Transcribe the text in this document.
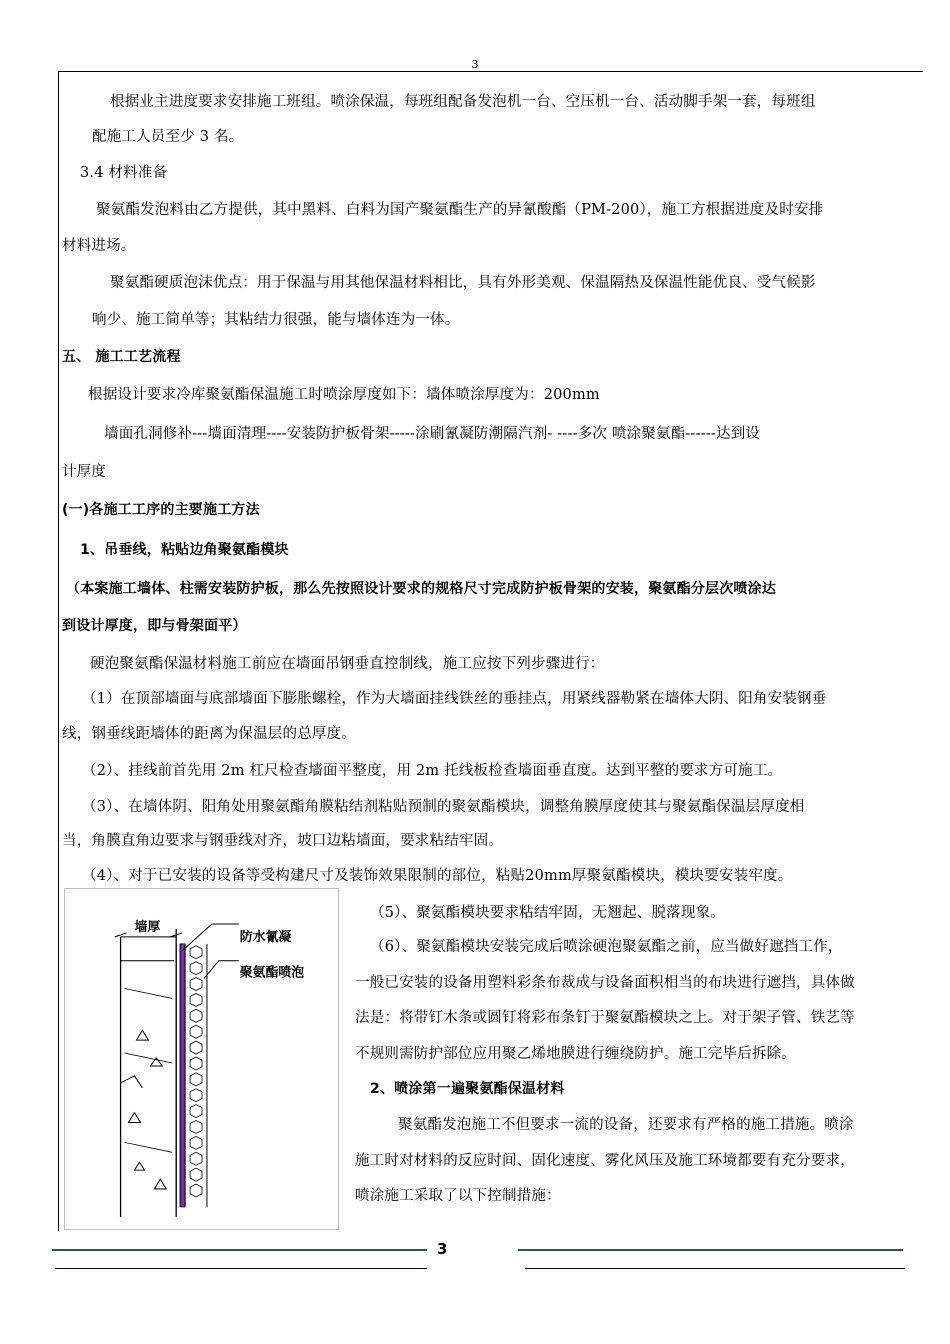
3
根据业主进度要求安排施工班组。喷涂保温，每班组配备发泡机一台、空压机一台、活动脚手架一套，每班组
配施工人员至少 3 名。
3.4 材料准备
聚氨酯发泡料由乙方提供，其中黑料、白料为国产聚氨酯生产的异氰酸酯（PM-200），施工方根据进度及时安排
材料进场。
聚氨酯硬质泡沫优点：用于保温与用其他保温材料相比，具有外形美观、保温隔热及保温性能优良、受气候影
响少、施工简单等；其粘结力很强，能与墙体连为一体。
五、 施工工艺流程
根据设计要求冷库聚氨酯保温施工时喷涂厚度如下：墙体喷涂厚度为：200mm
墙面孔洞修补---墙面清理----安装防护板骨架-----涂刷氰凝防潮隔汽剂- ----多次 喷涂聚氨酯------达到设
计厚度
(一)各施工工序的主要施工方法
1、吊垂线，粘贴边角聚氨酯模块
（本案施工墙体、柱需安装防护板，那么先按照设计要求的规格尺寸完成防护板骨架的安装，聚氨酯分层次喷涂达
到设计厚度，即与骨架面平）
硬泡聚氨酯保温材料施工前应在墙面吊钢垂直控制线，施工应按下列步骤进行：
（1）在顶部墙面与底部墙面下膨胀螺栓，作为大墙面挂线铁丝的垂挂点，用紧线器勒紧在墙体大阴、阳角安装钢垂
线，钢垂线距墙体的距离为保温层的总厚度。
（2）、挂线前首先用 2m 杠尺检查墙面平整度，用 2m 托线板检查墙面垂直度。达到平整的要求方可施工。
（3）、在墙体阴、阳角处用聚氨酯角膜粘结剂粘贴预制的聚氨酯模块，调整角膜厚度使其与聚氨酯保温层厚度相
当，角膜直角边要求与钢垂线对齐，坡口边粘墙面，要求粘结牢固。
（4）、对于已安装的设备等受构建尺寸及装饰效果限制的部位，粘贴20mm厚聚氨酯模块，模块要安装牢度。
墙厚
防水氰凝
聚氨酯喷泡
（5）、聚氨酯模块要求粘结牢固，无翘起、脱落现象。
（6）、聚氨酯模块安装完成后喷涂硬泡聚氨酯之前，应当做好遮挡工作，
一般已安装的设备用塑料彩条布裁成与设备面积相当的布块进行遮挡，具体做
法是：将带钉木条或圆钉将彩布条钉于聚氨酯模块之上。对于架子管、铁艺等
不规则需防护部位应用聚乙烯地膜进行缠绕防护。施工完毕后拆除。
2、喷涂第一遍聚氨酯保温材料
聚氨酯发泡施工不但要求一流的设备，还要求有严格的施工措施。喷涂
施工时对材料的反应时间、固化速度、雾化风压及施工环境都要有充分要求，
喷涂施工采取了以下控制措施：
3
